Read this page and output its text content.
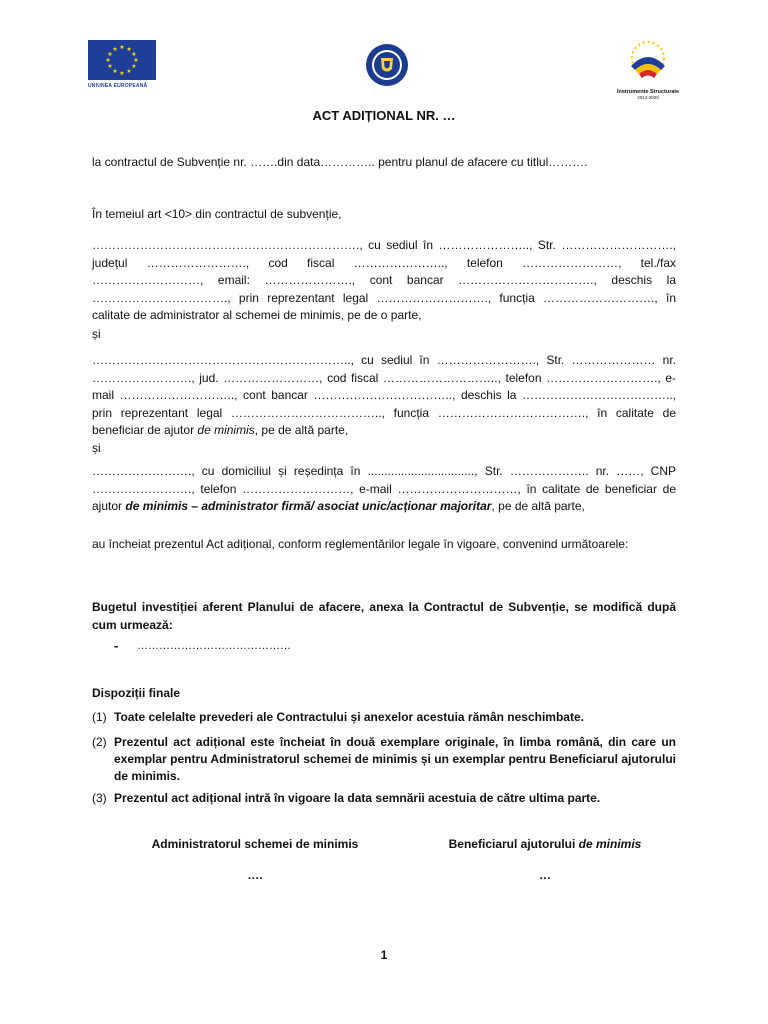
★ ★
★
★
★
★
★
★
★
★
★
★
UNIUNEA EUROPEANĂ
Instrumente Structurale
2014-2020
ACT ADIȚIONAL NR. …
la contractul de Subvenție nr. …….din data………….. pentru planul de afacere cu titlul……….
În temeiul art <10> din contractul de subvenție,
…………………………………………………………., cu sediul în ………………….., Str. ………………………., județul ……………………., cod fiscal ………………….., telefon ……………………, tel./fax ………………………, email: …………………., cont bancar ……………………………., deschis la ……………………………., prin reprezentant legal ………………………., funcția ………………………., în calitate de administrator al schemei de minimis, pe de o parte,
și
……………………………………………………….., cu sediul în ……………………., Str. ………………… nr. ……………………., jud. ……………………, cod fiscal ……………………….., telefon ………………………., e-mail ……………………….., cont bancar …………………………….., deschis la ……………………………….., prin reprezentant legal ……………………………….., funcția ………………………………., în calitate de beneficiar de ajutor de minimis, pe de altă parte,
și
……………………., cu domiciliul și reședința în ................................, Str. ……………….. nr. ……, CNP ……………………., telefon ………………………, e-mail …………………………, în calitate de beneficiar de ajutor de minimis – administrator firmă/ asociat unic/acționar majoritar, pe de altă parte,
au încheiat prezentul Act adițional, conform reglementărilor legale în vigoare, convenind următoarele:
Bugetul investiției aferent Planului de afacere, anexa la Contractul de Subvenție, se modifică după cum urmează:
- ……………………………………
Dispoziții finale
(1) Toate celelalte prevederi ale Contractului și anexelor acestuia rămân neschimbate.
(2) Prezentul act adițional este încheiat în două exemplare originale, în limba română, din care un exemplar pentru Administratorul schemei de minimis și un exemplar pentru Beneficiarul ajutorului de minimis.
(3) Prezentul act adițional intră în vigoare la data semnării acestuia de către ultima parte.
Administratorul schemei de minimis
….
Beneficiarul ajutorului de minimis
…
1
